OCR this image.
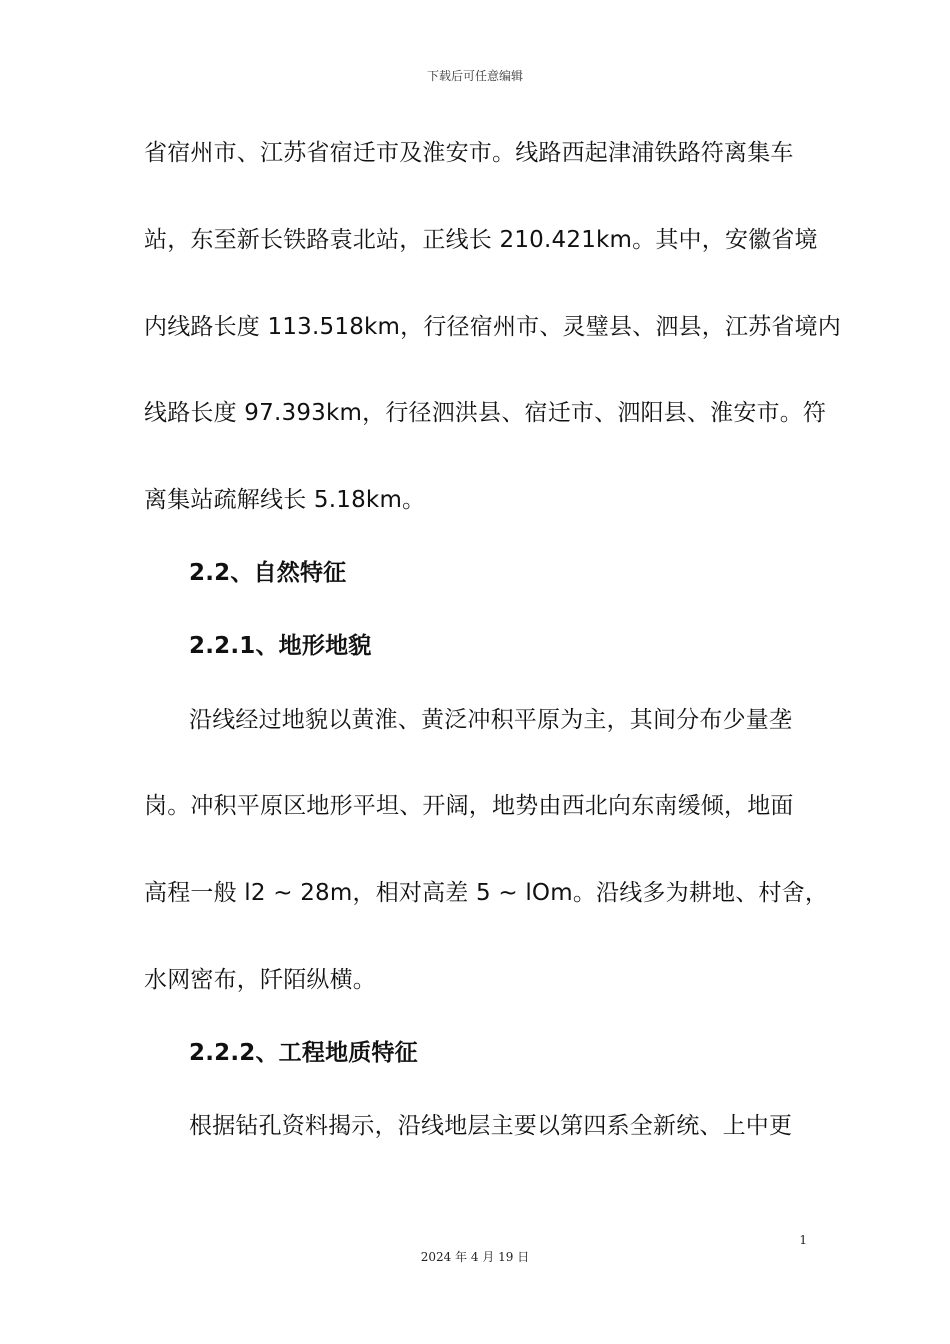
下载后可任意编辑
省宿州市、江苏省宿迁市及淮安市。线路西起津浦铁路符离集车
站，东至新长铁路袁北站，正线长 210.421km。其中，安徽省境
内线路长度 113.518km，行径宿州市、灵璧县、泗县，江苏省境内
线路长度 97.393km，行径泗洪县、宿迁市、泗阳县、淮安市。符
离集站疏解线长 5.18km。
2.2、自然特征
2.2.1、地形地貌
沿线经过地貌以黄淮、黄泛冲积平原为主，其间分布少量垄
岗。冲积平原区地形平坦、开阔，地势由西北向东南缓倾，地面
高程一般 l2 ~ 28m，相对高差 5 ~ lOm。沿线多为耕地、村舍，
水网密布，阡陌纵横。
2.2.2、工程地质特征
根据钻孔资料揭示，沿线地层主要以第四系全新统、上中更
1
2024 年 4 月 19 日
